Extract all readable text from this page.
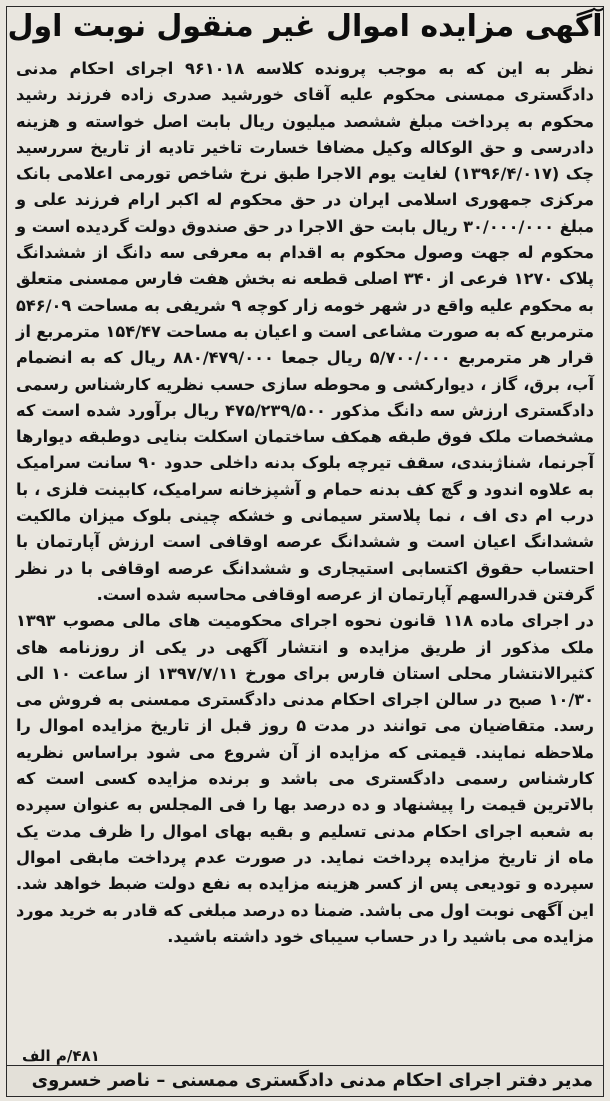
آگهی مزایده اموال غیر منقول نوبت اول

نظر به این که به موجب پرونده کلاسه ۹۶۱۰۱۸ اجرای احکام مدنی دادگستری ممسنی محکوم علیه آقای خورشید صدری زاده فرزند رشید محکوم به پرداخت مبلغ ششصد میلیون ریال بابت اصل خواسته و هزینه دادرسی و حق الوکاله وکیل مضافا خسارت تاخیر تادیه از تاریخ سررسید چک (۱۳۹۶/۴/۰۱۷) لغایت یوم الاجرا طبق نرخ شاخص تورمی اعلامی بانک مرکزی جمهوری اسلامی ایران در حق محکوم له اکبر ارام فرزند علی و مبلغ ۳۰/۰۰۰/۰۰۰ ریال بابت حق الاجرا در حق صندوق دولت گردیده است و محکوم له جهت وصول محکوم به اقدام به معرفی سه دانگ از ششدانگ پلاک ۱۲۷۰ فرعی از ۳۴۰ اصلی قطعه نه بخش هفت فارس ممسنی متعلق به محکوم علیه واقع در شهر خومه زار کوچه ۹ شریفی به مساحت ۵۴۶/۰۹ مترمربع که به صورت مشاعی است و اعیان به مساحت ۱۵۴/۴۷ مترمربع از قرار هر مترمربع ۵/۷۰۰/۰۰۰ ریال جمعا ۸۸۰/۴۷۹/۰۰۰ ریال که به انضمام آب، برق، گاز ، دیوارکشی و محوطه سازی حسب نظریه کارشناس رسمی دادگستری ارزش سه دانگ مذکور ۴۷۵/۲۳۹/۵۰۰ ریال برآورد شده است که مشخصات ملک فوق طبقه همکف ساختمان اسکلت بنایی دوطبقه دیوارها آجرنما، شناژبندی، سقف تیرچه بلوک بدنه داخلی حدود ۹۰ سانت سرامیک به علاوه اندود و گچ کف بدنه حمام و آشپزخانه سرامیک، کابینت فلزی ، با درب ام دی اف ، نما پلاستر سیمانی و خشکه چینی بلوک میزان مالکیت ششدانگ اعیان است و ششدانگ عرصه اوقافی است ارزش آپارتمان با احتساب حقوق اکتسابی استیجاری و ششدانگ عرصه اوقافی با در نظر گرفتن قدرالسهم آپارتمان از عرصه اوقافی محاسبه شده است.

در اجرای ماده ۱۱۸ قانون نحوه اجرای محکومیت های مالی مصوب ۱۳۹۳ ملک مذکور از طریق مزایده و انتشار آگهی در یکی از روزنامه های کثیرالانتشار محلی استان فارس برای مورخ ۱۳۹۷/۷/۱۱ از ساعت ۱۰ الی ۱۰/۳۰ صبح در سالن اجرای احکام مدنی دادگستری ممسنی به فروش می رسد. متقاضیان می توانند در مدت ۵ روز قبل از تاریخ مزایده اموال را ملاحظه نمایند. قیمتی که مزایده از آن شروع می شود براساس نظریه کارشناس رسمی دادگستری می باشد و برنده مزایده کسی است که بالاترین قیمت را پیشنهاد و ده درصد بها را فی المجلس به عنوان سپرده به شعبه اجرای احکام مدنی تسلیم و بقیه بهای اموال را ظرف مدت یک ماه از تاریخ مزایده پرداخت نماید. در صورت عدم پرداخت مابقی اموال سپرده و تودیعی پس از کسر هزینه مزایده به نفع دولت ضبط خواهد شد. این آگهی نوبت اول می باشد. ضمنا ده درصد مبلغی که قادر به خرید مورد مزایده می باشید را در حساب سیبای خود داشته باشید.

۴۸۱/م الف
مدیر دفتر اجرای احکام مدنی دادگستری ممسنی – ناصر خسروی
